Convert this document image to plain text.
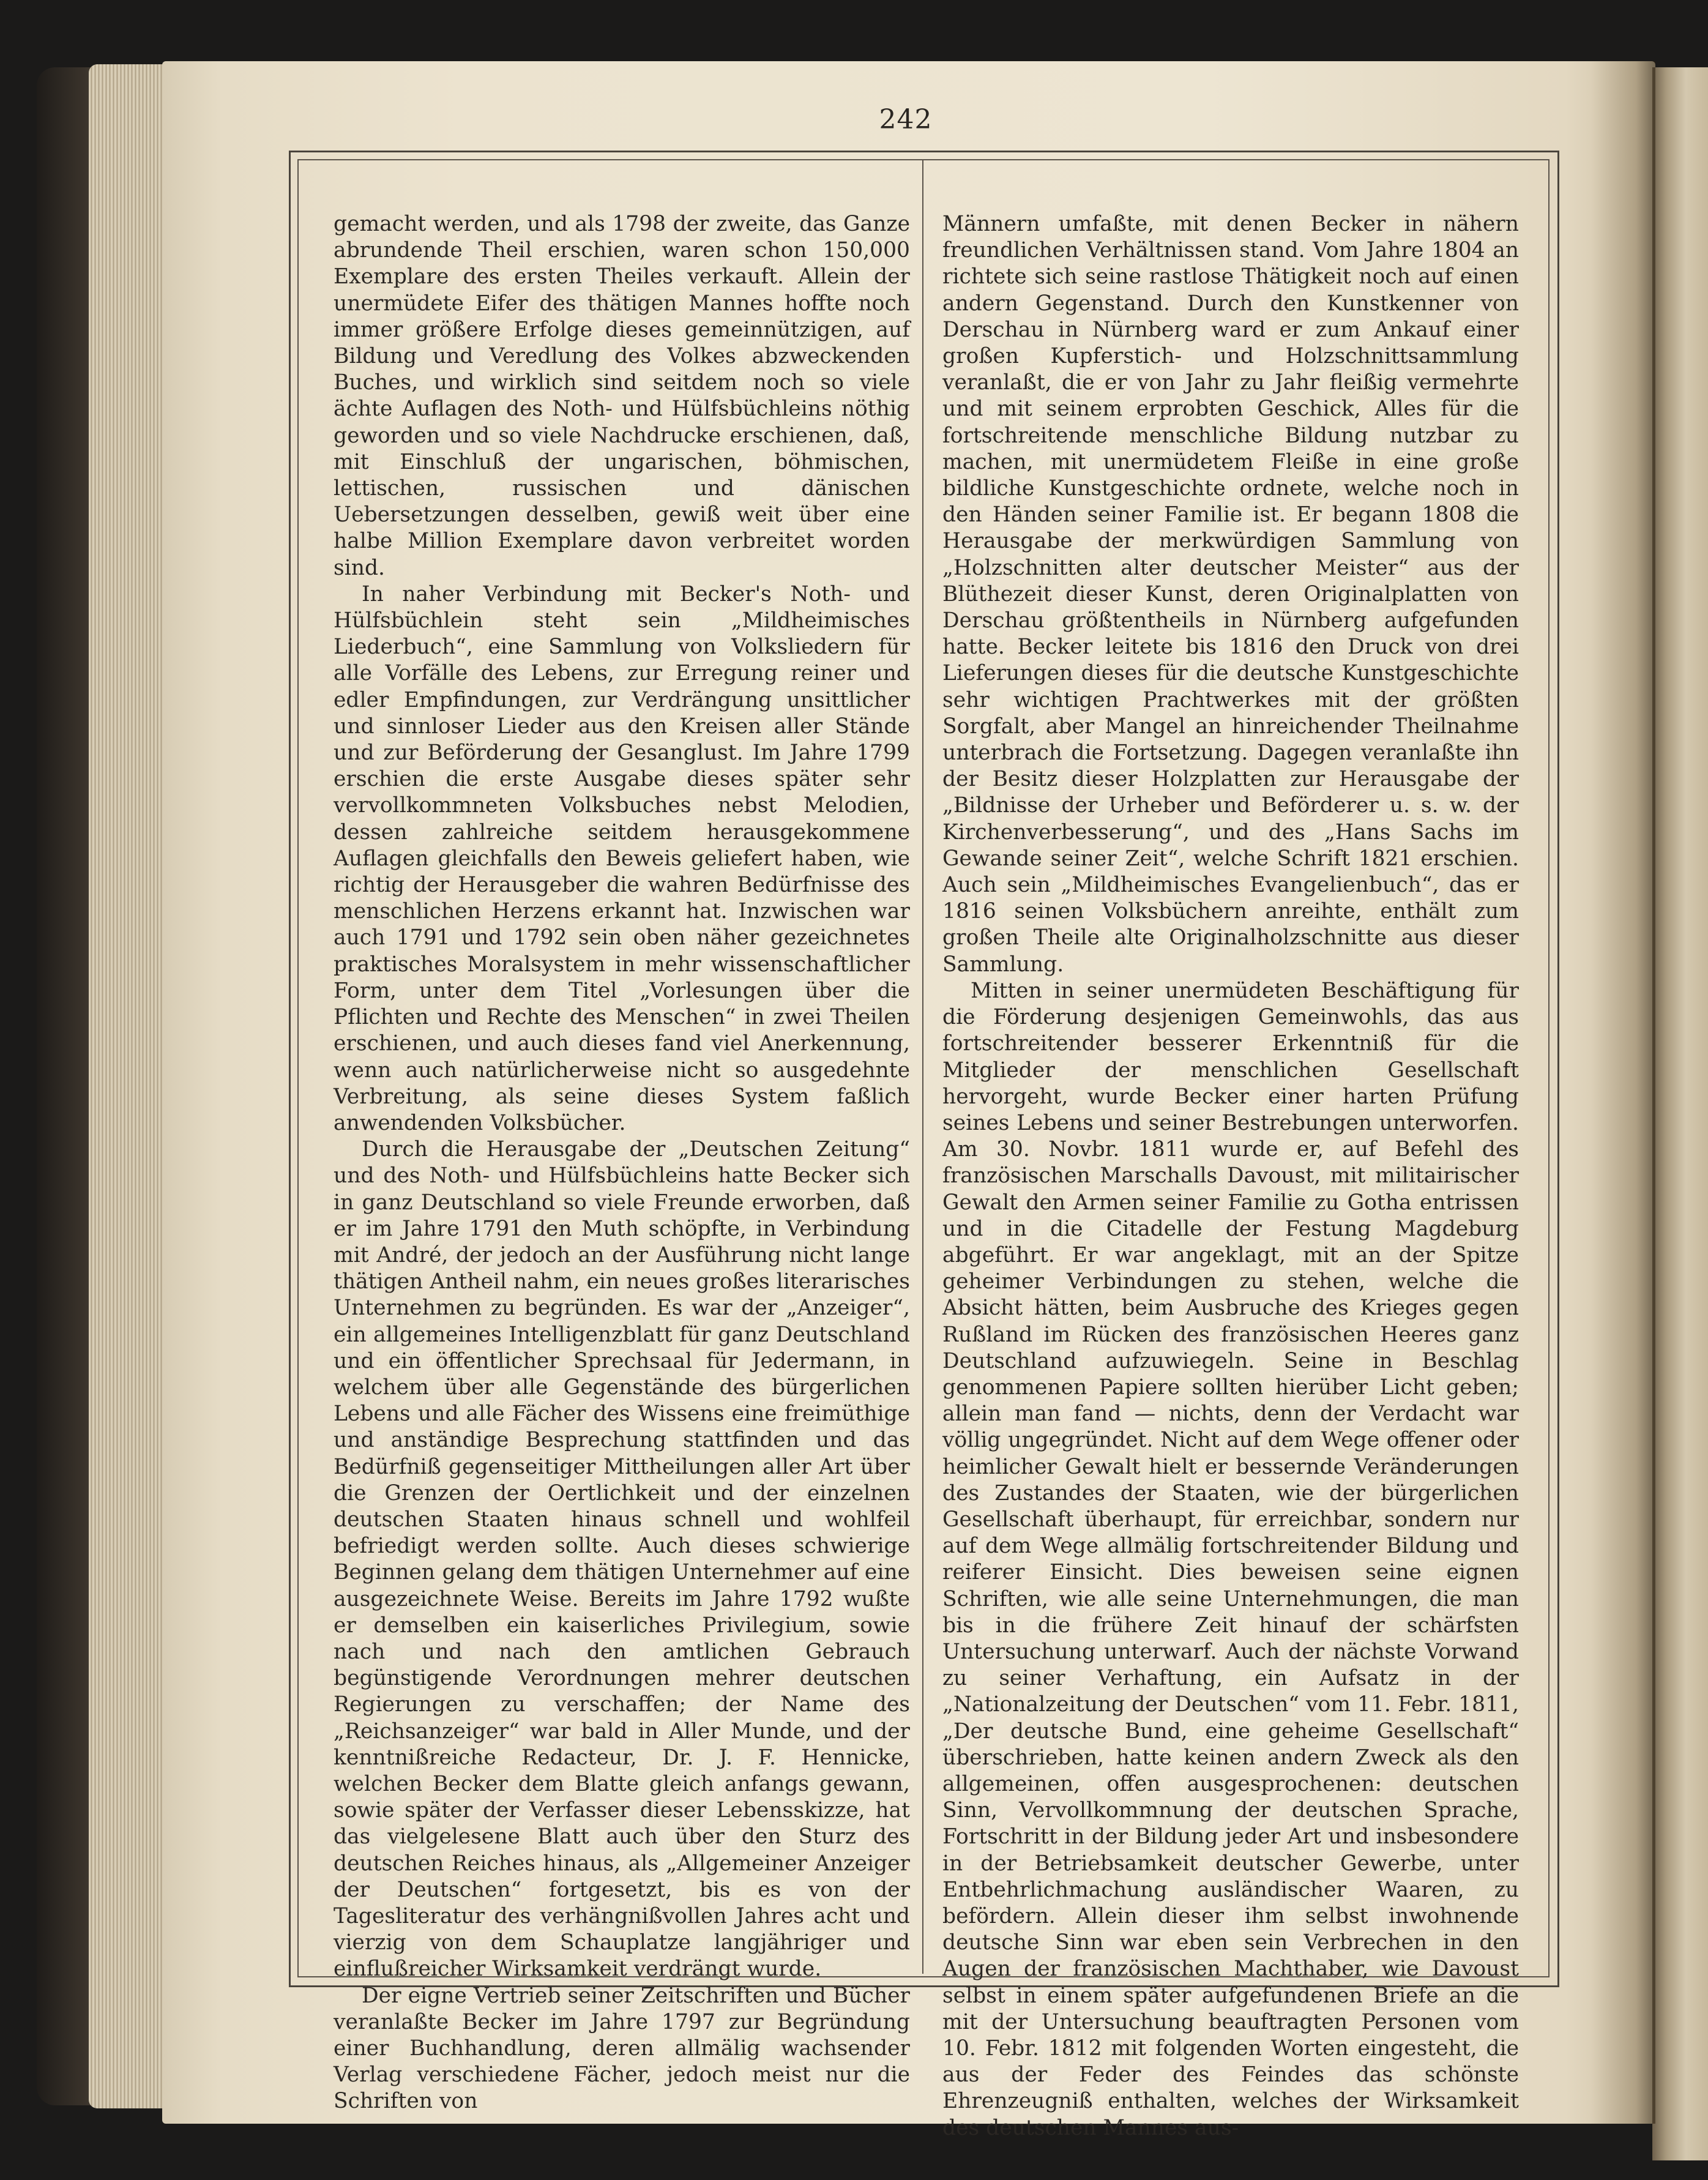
242

gemacht werden, und als 1798 der zweite, das Ganze abrundende Theil erschien, waren schon 150,000 Exemplare des ersten Theiles verkauft. Allein der unermüdete Eifer des thätigen Mannes hoffte noch immer größere Erfolge dieses gemeinnützigen, auf Bildung und Veredlung des Volkes abzweckenden Buches, und wirklich sind seitdem noch so viele ächte Auflagen des Noth- und Hülfsbüchleins nöthig geworden und so viele Nachdrucke erschienen, daß, mit Einschluß der ungarischen, böhmischen, lettischen, russischen und dänischen Uebersetzungen desselben, gewiß weit über eine halbe Million Exemplare davon verbreitet worden sind.

In naher Verbindung mit Becker's Noth- und Hülfsbüchlein steht sein „Mildheimisches Liederbuch“, eine Sammlung von Volksliedern für alle Vorfälle des Lebens, zur Erregung reiner und edler Empfindungen, zur Verdrängung unsittlicher und sinnloser Lieder aus den Kreisen aller Stände und zur Beförderung der Gesanglust. Im Jahre 1799 erschien die erste Ausgabe dieses später sehr vervollkommneten Volksbuches nebst Melodien, dessen zahlreiche seitdem herausgekommene Auflagen gleichfalls den Beweis geliefert haben, wie richtig der Herausgeber die wahren Bedürfnisse des menschlichen Herzens erkannt hat. Inzwischen war auch 1791 und 1792 sein oben näher gezeichnetes praktisches Moralsystem in mehr wissenschaftlicher Form, unter dem Titel „Vorlesungen über die Pflichten und Rechte des Menschen“ in zwei Theilen erschienen, und auch dieses fand viel Anerkennung, wenn auch natürlicherweise nicht so ausgedehnte Verbreitung, als seine dieses System faßlich anwendenden Volksbücher.

Durch die Herausgabe der „Deutschen Zeitung“ und des Noth- und Hülfsbüchleins hatte Becker sich in ganz Deutschland so viele Freunde erworben, daß er im Jahre 1791 den Muth schöpfte, in Verbindung mit André, der jedoch an der Ausführung nicht lange thätigen Antheil nahm, ein neues großes literarisches Unternehmen zu begründen. Es war der „Anzeiger“, ein allgemeines Intelligenzblatt für ganz Deutschland und ein öffentlicher Sprechsaal für Jedermann, in welchem über alle Gegenstände des bürgerlichen Lebens und alle Fächer des Wissens eine freimüthige und anständige Besprechung stattfinden und das Bedürfniß gegenseitiger Mittheilungen aller Art über die Grenzen der Oertlichkeit und der einzelnen deutschen Staaten hinaus schnell und wohlfeil befriedigt werden sollte. Auch dieses schwierige Beginnen gelang dem thätigen Unternehmer auf eine ausgezeichnete Weise. Bereits im Jahre 1792 wußte er demselben ein kaiserliches Privilegium, sowie nach und nach den amtlichen Gebrauch begünstigende Verordnungen mehrer deutschen Regierungen zu verschaffen; der Name des „Reichsanzeiger“ war bald in Aller Munde, und der kenntnißreiche Redacteur, Dr. J. F. Hennicke, welchen Becker dem Blatte gleich anfangs gewann, sowie später der Verfasser dieser Lebensskizze, hat das vielgelesene Blatt auch über den Sturz des deutschen Reiches hinaus, als „Allgemeiner Anzeiger der Deutschen“ fortgesetzt, bis es von der Tagesliteratur des verhängnißvollen Jahres acht und vierzig von dem Schauplatze langjähriger und einflußreicher Wirksamkeit verdrängt wurde.

Der eigne Vertrieb seiner Zeitschriften und Bücher veranlaßte Becker im Jahre 1797 zur Begründung einer Buchhandlung, deren allmälig wachsender Verlag verschiedene Fächer, jedoch meist nur die Schriften von

Männern umfaßte, mit denen Becker in nähern freundlichen Verhältnissen stand. Vom Jahre 1804 an richtete sich seine rastlose Thätigkeit noch auf einen andern Gegenstand. Durch den Kunstkenner von Derschau in Nürnberg ward er zum Ankauf einer großen Kupferstich- und Holzschnittsammlung veranlaßt, die er von Jahr zu Jahr fleißig vermehrte und mit seinem erprobten Geschick, Alles für die fortschreitende menschliche Bildung nutzbar zu machen, mit unermüdetem Fleiße in eine große bildliche Kunstgeschichte ordnete, welche noch in den Händen seiner Familie ist. Er begann 1808 die Herausgabe der merkwürdigen Sammlung von „Holzschnitten alter deutscher Meister“ aus der Blüthezeit dieser Kunst, deren Originalplatten von Derschau größtentheils in Nürnberg aufgefunden hatte. Becker leitete bis 1816 den Druck von drei Lieferungen dieses für die deutsche Kunstgeschichte sehr wichtigen Prachtwerkes mit der größten Sorgfalt, aber Mangel an hinreichender Theilnahme unterbrach die Fortsetzung. Dagegen veranlaßte ihn der Besitz dieser Holzplatten zur Herausgabe der „Bildnisse der Urheber und Beförderer u. s. w. der Kirchenverbesserung“, und des „Hans Sachs im Gewande seiner Zeit“, welche Schrift 1821 erschien. Auch sein „Mildheimisches Evangelienbuch“, das er 1816 seinen Volksbüchern anreihte, enthält zum großen Theile alte Originalholzschnitte aus dieser Sammlung.

Mitten in seiner unermüdeten Beschäftigung für die Förderung desjenigen Gemeinwohls, das aus fortschreitender besserer Erkenntniß für die Mitglieder der menschlichen Gesellschaft hervorgeht, wurde Becker einer harten Prüfung seines Lebens und seiner Bestrebungen unterworfen. Am 30. Novbr. 1811 wurde er, auf Befehl des französischen Marschalls Davoust, mit militairischer Gewalt den Armen seiner Familie zu Gotha entrissen und in die Citadelle der Festung Magdeburg abgeführt. Er war angeklagt, mit an der Spitze geheimer Verbindungen zu stehen, welche die Absicht hätten, beim Ausbruche des Krieges gegen Rußland im Rücken des französischen Heeres ganz Deutschland aufzuwiegeln. Seine in Beschlag genommenen Papiere sollten hierüber Licht geben; allein man fand — nichts, denn der Verdacht war völlig ungegründet. Nicht auf dem Wege offener oder heimlicher Gewalt hielt er bessernde Veränderungen des Zustandes der Staaten, wie der bürgerlichen Gesellschaft überhaupt, für erreichbar, sondern nur auf dem Wege allmälig fortschreitender Bildung und reiferer Einsicht. Dies beweisen seine eignen Schriften, wie alle seine Unternehmungen, die man bis in die frühere Zeit hinauf der schärfsten Untersuchung unterwarf. Auch der nächste Vorwand zu seiner Verhaftung, ein Aufsatz in der „Nationalzeitung der Deutschen“ vom 11. Febr. 1811, „Der deutsche Bund, eine geheime Gesellschaft“ überschrieben, hatte keinen andern Zweck als den allgemeinen, offen ausgesprochenen: deutschen Sinn, Vervollkommnung der deutschen Sprache, Fortschritt in der Bildung jeder Art und insbesondere in der Betriebsamkeit deutscher Gewerbe, unter Entbehrlichmachung ausländischer Waaren, zu befördern. Allein dieser ihm selbst inwohnende deutsche Sinn war eben sein Verbrechen in den Augen der französischen Machthaber, wie Davoust selbst in einem später aufgefundenen Briefe an die mit der Untersuchung beauftragten Personen vom 10. Febr. 1812 mit folgenden Worten eingesteht, die aus der Feder des Feindes das schönste Ehrenzeugniß enthalten, welches der Wirksamkeit des deutschen Mannes aus-
